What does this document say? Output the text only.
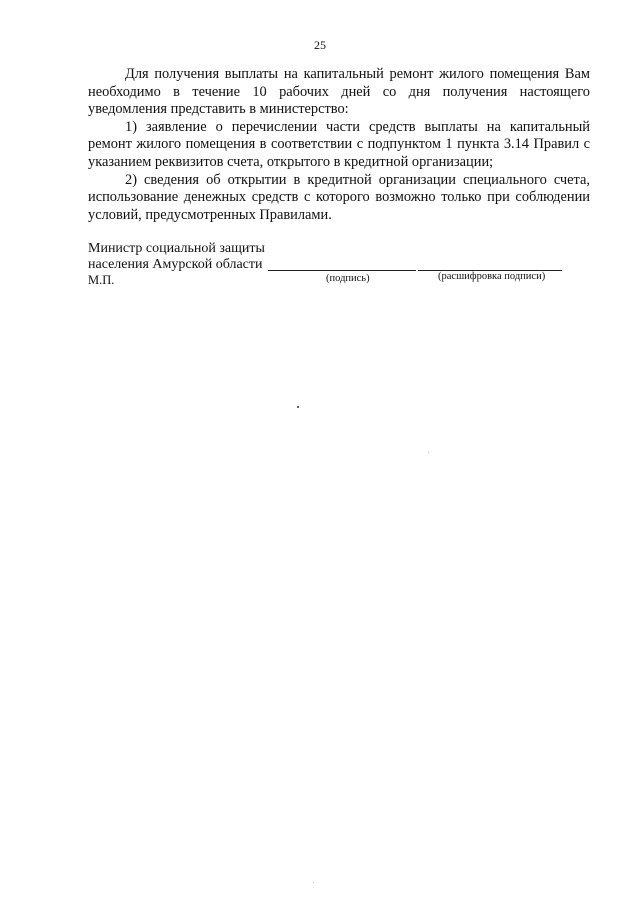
25

Для получения выплаты на капитальный ремонт жилого помещения Вам необходимо в течение 10 рабочих дней со дня получения настоящего уведомления представить в министерство:

1) заявление о перечислении части средств выплаты на капитальный ремонт жилого помещения в соответствии с подпунктом 1 пункта 3.14 Правил с указанием реквизитов счета, открытого в кредитной организации;

2) сведения об открытии в кредитной организации специального счета, использование денежных средств с которого возможно только при соблюдении условий, предусмотренных Правилами.

Министр социальной защиты
населения Амурской области
М.П.	(подпись)	(расшифровка подписи)
